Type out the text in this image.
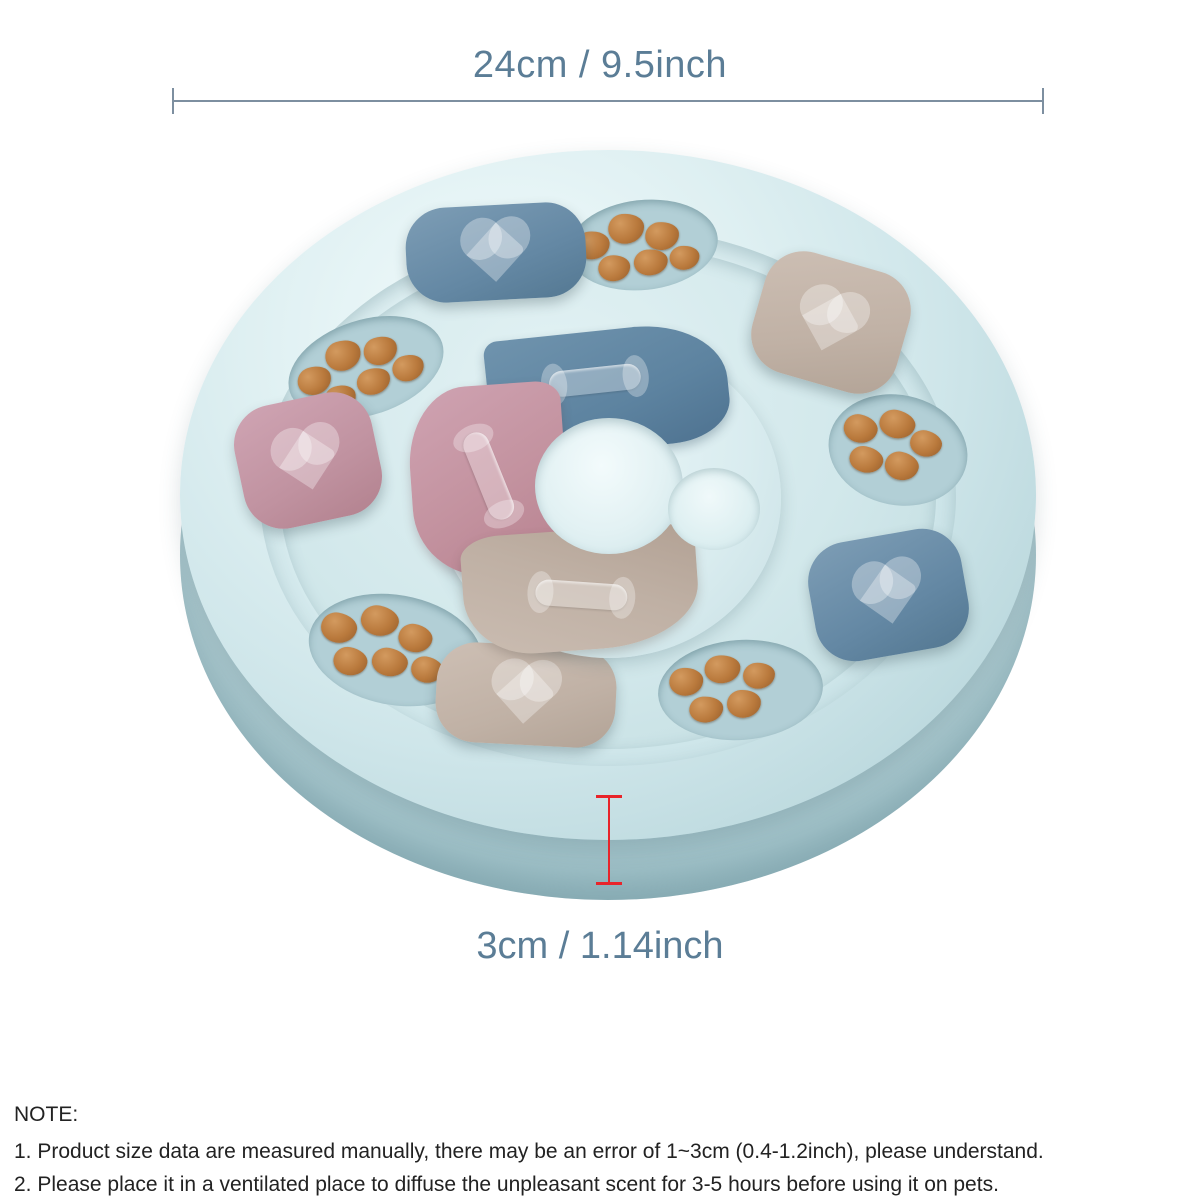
24cm / 9.5inch
3cm / 1.14inch
NOTE:
1. Product size data are measured manually, there may be an error of 1~3cm (0.4-1.2inch), please understand.
2. Please place it in a ventilated place to diffuse the unpleasant scent for 3-5 hours before using it on pets.
